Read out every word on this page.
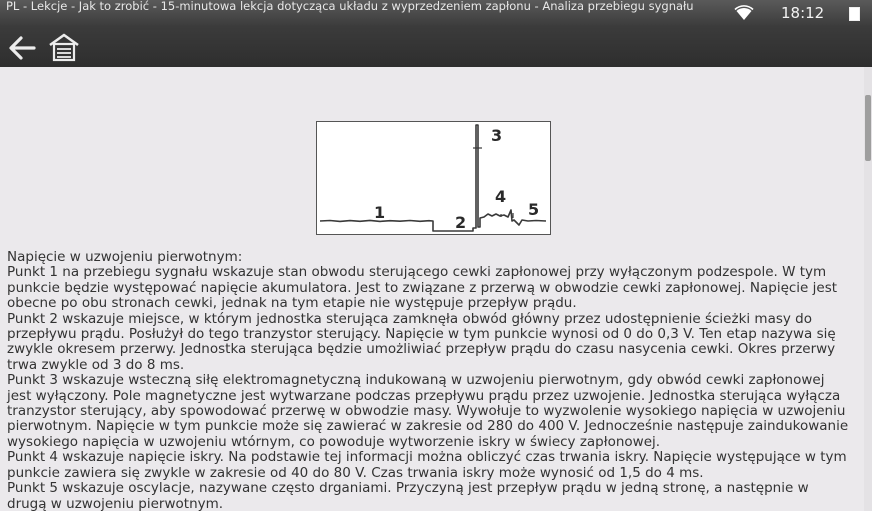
PL - Lekcje - Jak to zrobić - 15-minutowa lekcja dotycząca układu z wyprzedzeniem zapłonu - Analiza przebiegu sygnału	18:12
1
2
3
4
5

Napięcie w uzwojeniu pierwotnym:

Punkt 1 na przebiegu sygnału wskazuje stan obwodu sterującego cewki zapłonowej przy wyłączonym podzespole. W tym punkcie będzie występować napięcie akumulatora. Jest to związane z przerwą w obwodzie cewki zapłonowej. Napięcie jest obecne po obu stronach cewki, jednak na tym etapie nie występuje przepływ prądu.

Punkt 2 wskazuje miejsce, w którym jednostka sterująca zamknęła obwód główny przez udostępnienie ścieżki masy do przepływu prądu. Posłużył do tego tranzystor sterujący. Napięcie w tym punkcie wynosi od 0 do 0,3 V. Ten etap nazywa się zwykle okresem przerwy. Jednostka sterująca będzie umożliwiać przepływ prądu do czasu nasycenia cewki. Okres przerwy trwa zwykle od 3 do 8 ms.

Punkt 3 wskazuje wsteczną siłę elektromagnetyczną indukowaną w uzwojeniu pierwotnym, gdy obwód cewki zapłonowej jest wyłączony. Pole magnetyczne jest wytwarzane podczas przepływu prądu przez uzwojenie. Jednostka sterująca wyłącza tranzystor sterujący, aby spowodować przerwę w obwodzie masy. Wywołuje to wyzwolenie wysokiego napięcia w uzwojeniu pierwotnym. Napięcie w tym punkcie może się zawierać w zakresie od 280 do 400 V. Jednocześnie następuje zaindukowanie wysokiego napięcia w uzwojeniu wtórnym, co powoduje wytworzenie iskry w świecy zapłonowej.

Punkt 4 wskazuje napięcie iskry. Na podstawie tej informacji można obliczyć czas trwania iskry. Napięcie występujące w tym punkcie zawiera się zwykle w zakresie od 40 do 80 V. Czas trwania iskry może wynosić od 1,5 do 4 ms.

Punkt 5 wskazuje oscylacje, nazywane często drganiami. Przyczyną jest przepływ prądu w jedną stronę, a następnie w drugą w uzwojeniu pierwotnym.
